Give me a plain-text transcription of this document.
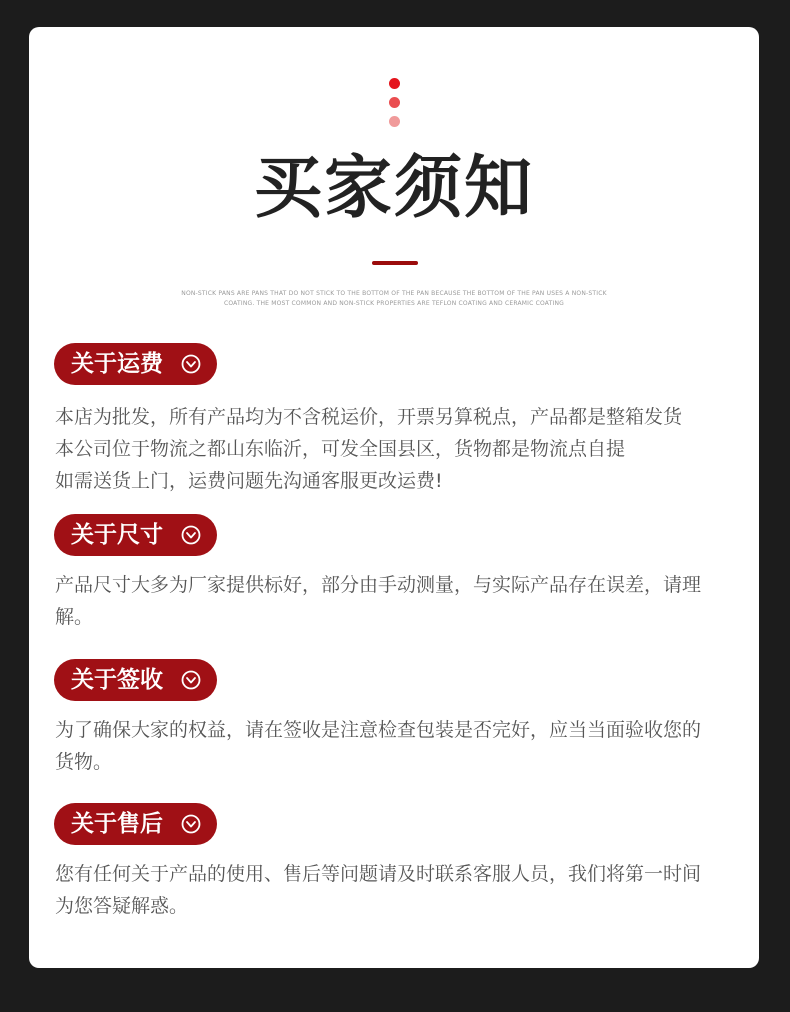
买家须知
NON-STICK PANS ARE PANS THAT DO NOT STICK TO THE BOTTOM OF THE PAN BECAUSE THE BOTTOM OF THE PAN USES A NON-STICK
COATING. THE MOST COMMON AND NON-STICK PROPERTIES ARE TEFLON COATING AND CERAMIC COATING
关于运费

本店为批发，所有产品均为不含税运价，开票另算税点，产品都是整箱发货
本公司位于物流之都山东临沂，可发全国县区，货物都是物流点自提
如需送货上门，运费问题先沟通客服更改运费!

关于尺寸

产品尺寸大多为厂家提供标好，部分由手动测量，与实际产品存在误差，请理
解。

关于签收

为了确保大家的权益，请在签收是注意检查包装是否完好，应当当面验收您的
货物。

关于售后

您有任何关于产品的使用、售后等问题请及时联系客服人员，我们将第一时间
为您答疑解惑。
